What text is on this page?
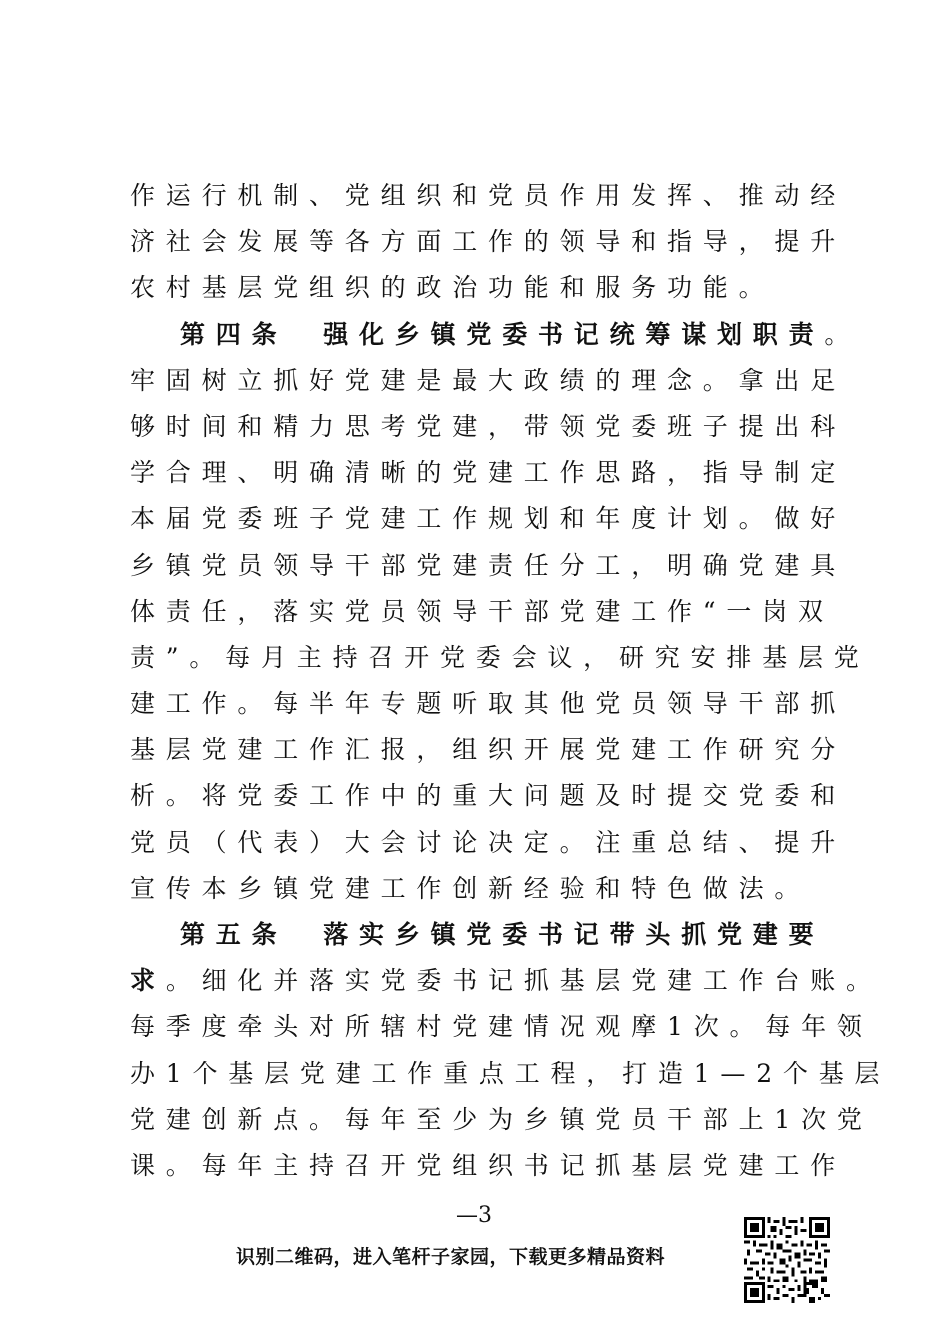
作运行机制、党组织和党员作用发挥、推动经
济社会发展等各方面工作的领导和指导，提升
农村基层党组织的政治功能和服务功能。
第四条　强化乡镇党委书记统筹谋划职责。
牢固树立抓好党建是最大政绩的理念。拿出足
够时间和精力思考党建，带领党委班子提出科
学合理、明确清晰的党建工作思路，指导制定
本届党委班子党建工作规划和年度计划。做好
乡镇党员领导干部党建责任分工，明确党建具
体责任，落实党员领导干部党建工作“一岗双
责”。每月主持召开党委会议，研究安排基层党
建工作。每半年专题听取其他党员领导干部抓
基层党建工作汇报，组织开展党建工作研究分
析。将党委工作中的重大问题及时提交党委和
党员（代表）大会讨论决定。注重总结、提升
宣传本乡镇党建工作创新经验和特色做法。
第五条　落实乡镇党委书记带头抓党建要
求。细化并落实党委书记抓基层党建工作台账。
每季度牵头对所辖村党建情况观摩1次。每年领
办1个基层党建工作重点工程，打造1—2个基层
党建创新点。每年至少为乡镇党员干部上1次党
课。每年主持召开党组织书记抓基层党建工作
—3
识别二维码，进入笔杆子家园，下载更多精品资料
